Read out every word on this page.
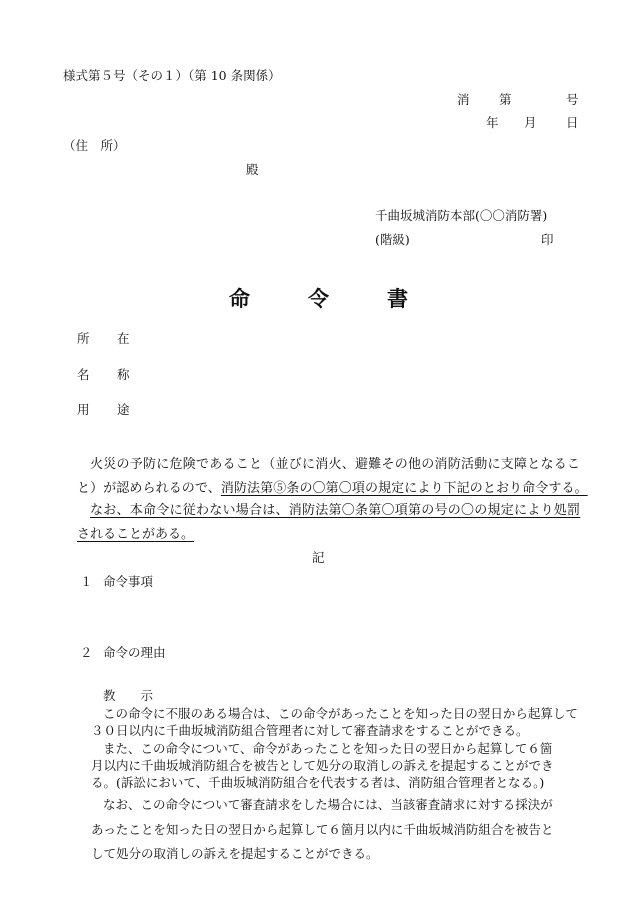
様式第５号（その１）（第 10 条関係）
消 第	号
年 月 日
（住　所）
殿
千曲坂城消防本部(〇〇消防署)
(階級)	印
命	令	書
所 在
名 称
用 途
火災の予防に危険であること（並びに消火、避難その他の消防活動に支障となるこ
と）が認められるので、消防法第⑤条の〇第〇項の規定により下記のとおり命令する。
なお、本命令に従わない場合は、消防法第〇条第〇項第の号の〇の規定により処罰
されることがある。
記
１ 命令事項
２ 命令の理由
教　　示
この命令に不服のある場合は、この命令があったことを知った日の翌日から起算して
３０日以内に千曲坂城消防組合管理者に対して審査請求をすることができる。
また、この命令について、命令があったことを知った日の翌日から起算して６箇
月以内に千曲坂城消防組合を被告として処分の取消しの訴えを提起することができ
る。(訴訟において、千曲坂城消防組合を代表する者は、消防組合管理者となる。)
なお、この命令について審査請求をした場合には、当該審査請求に対する採決が
あったことを知った日の翌日から起算して６箇月以内に千曲坂城消防組合を被告と
して処分の取消しの訴えを提起することができる。
